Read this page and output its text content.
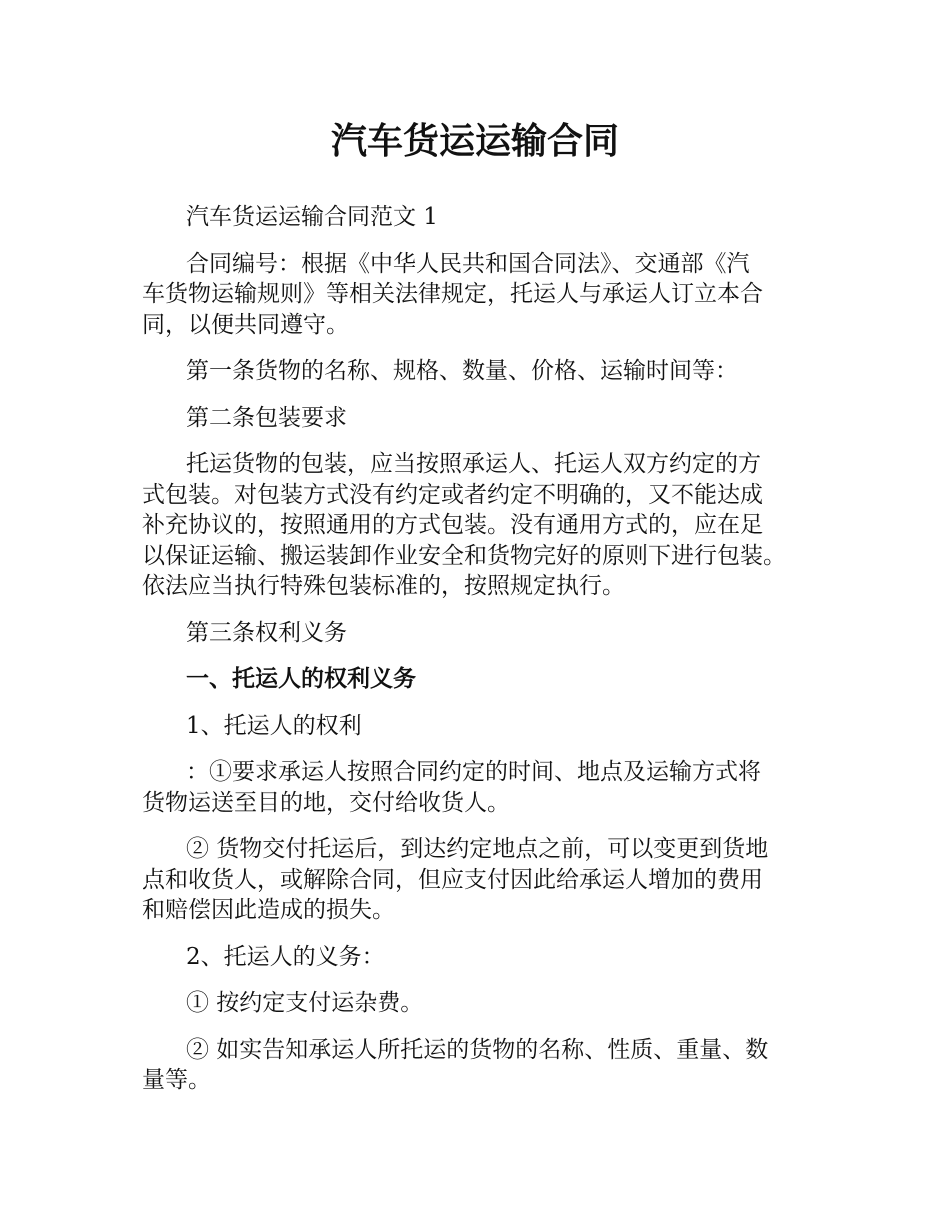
汽车货运运输合同

汽车货运运输合同范文 1

合同编号：根据《中华人民共和国合同法》、交通部《汽
车货物运输规则》等相关法律规定，托运人与承运人订立本合
同，以便共同遵守。

第一条货物的名称、规格、数量、价格、运输时间等：

第二条包装要求

托运货物的包装，应当按照承运人、托运人双方约定的方
式包装。对包装方式没有约定或者约定不明确的，又不能达成
补充协议的，按照通用的方式包装。没有通用方式的，应在足
以保证运输、搬运装卸作业安全和货物完好的原则下进行包装。
依法应当执行特殊包装标准的，按照规定执行。

第三条权利义务

一、托运人的权利义务

1、托运人的权利

：①要求承运人按照合同约定的时间、地点及运输方式将
货物运送至目的地，交付给收货人。

② 货物交付托运后，到达约定地点之前，可以变更到货地
点和收货人，或解除合同，但应支付因此给承运人增加的费用
和赔偿因此造成的损失。

2、托运人的义务：

① 按约定支付运杂费。

② 如实告知承运人所托运的货物的名称、性质、重量、数
量等。
